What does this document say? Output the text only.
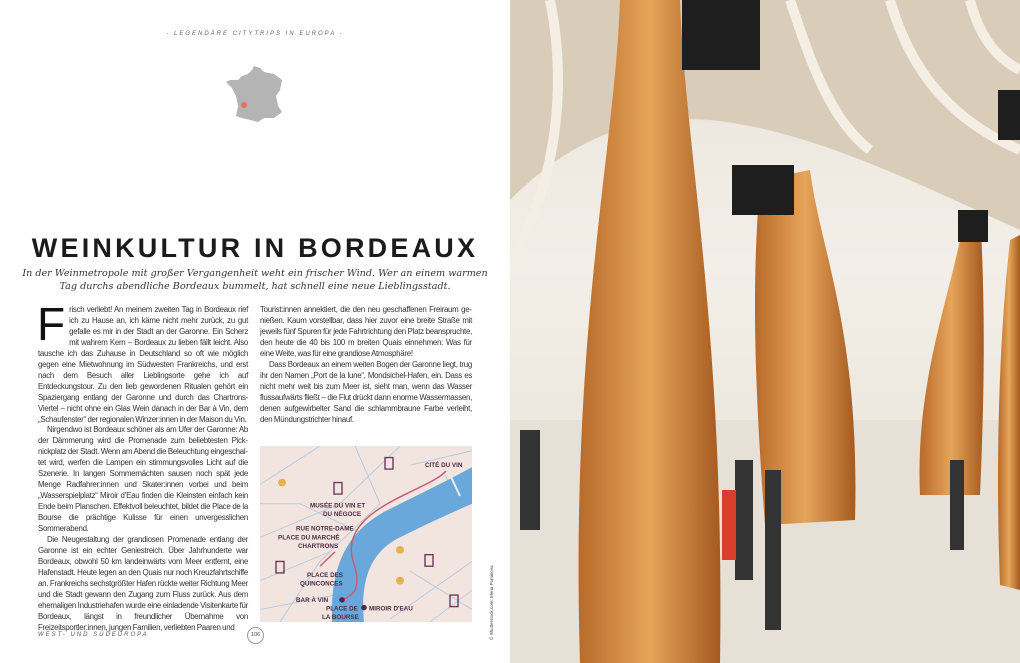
- LEGENDÄRE CITYTRIPS IN EUROPA -
WEINKULTUR IN BORDEAUX
In der Weinmetropole mit großer Vergangenheit weht ein frischer Wind. Wer an einem warmen Tag durchs abendliche Bordeaux bummelt, hat schnell eine neue Lieblingsstadt.

Frisch verliebt! An meinem zweiten Tag in Bordeaux rief ich zu Hause an, ich käme nicht mehr zurück, zu gut gefalle es mir in der Stadt an der Garonne. Ein Scherz mit wahrem Kern – Bordeaux zu lieben fällt leicht. Also tausche ich das Zuhause in Deutschland so oft wie möglich gegen eine Mietwohnung im Südwesten Frankreichs, und erst nach dem Besuch aller Lieblingsorte gehe ich auf Entdeckungstour. Zu den lieb gewordenen Ritualen gehört ein Spaziergang entlang der Garonne und durch das Chartrons-Viertel – nicht ohne ein Glas Wein danach in der Bar à Vin, dem „Schaufenster“ der regionalen Winzer:innen in der Maison du Vin.

Nirgendwo ist Bordeaux schöner als am Ufer der Garonne: Ab der Dämmerung wird die Promenade zum beliebtesten Picknickplatz der Stadt. Wenn am Abend die Beleuchtung eingeschaltet wird, werfen die Lampen ein stimmungsvolles Licht auf die Szenerie. In langen Sommernächten sausen noch spät jede Menge Radfahrer:innen und Skater:innen vorbei und beim „Wasserspielplatz“ Miroir d’Eau finden die Kleinsten einfach kein Ende beim Planschen. Effektvoll beleuchtet, bildet die Place de la Bourse die prächtige Kulisse für einen unvergesslichen Sommerabend.

Die Neugestaltung der grandiosen Promenade entlang der Garonne ist ein echter Geniestreich. Über Jahrhunderte war Bordeaux, obwohl 50 km landeinwärts vom Meer entfernt, eine Hafenstadt. Heute legen an den Quais nur noch Kreuzfahrtschiffe an. Frankreichs sechstgrößter Hafen rückte weiter Richtung Meer und die Stadt gewann den Zugang zum Fluss zurück. Aus dem ehemaligen Industriehafen wurde eine einladende Visitenkarte für Bordeaux, längst in freundlicher Übernahme von Freizeitsportler:innen, jungen Familien, verliebten Paaren und

Tourist:innen annektiert, die den neu geschaffenen Freiraum genießen. Kaum vorstellbar, dass hier zuvor eine breite Straße mit jeweils fünf Spuren für jede Fahrtrichtung den Platz beanspruchte, den heute die 40 bis 100 m breiten Quais einnehmen: Was für eine Weite, was für eine grandiose Atmosphäre!

Dass Bordeaux an einem weiten Bogen der Garonne liegt, trug ihr den Namen „Port de la lune“, Mondsichel-Hafen, ein. Dass es nicht mehr weit bis zum Meer ist, sieht man, wenn das Wasser flussaufwärts fließt – die Flut drückt dann enorme Wassermassen, denen aufgewirbelter Sand die schlammbraune Farbe verleiht, den Mündungstrichter hinauf.

CITÉ DU VIN
MUSÉE DU VIN ET
DU NÉGOCE
RUE NOTRE-DAME
PLACE DU MARCHÉ
CHARTRONS
PLACE DES
QUINCONCES
BAR À VIN
PLACE DE
LA BOURSE
MIROIR D'EAU
WEST- UND SÜDEUROPA	106	© Shutterstock.com: Elena Pominova
